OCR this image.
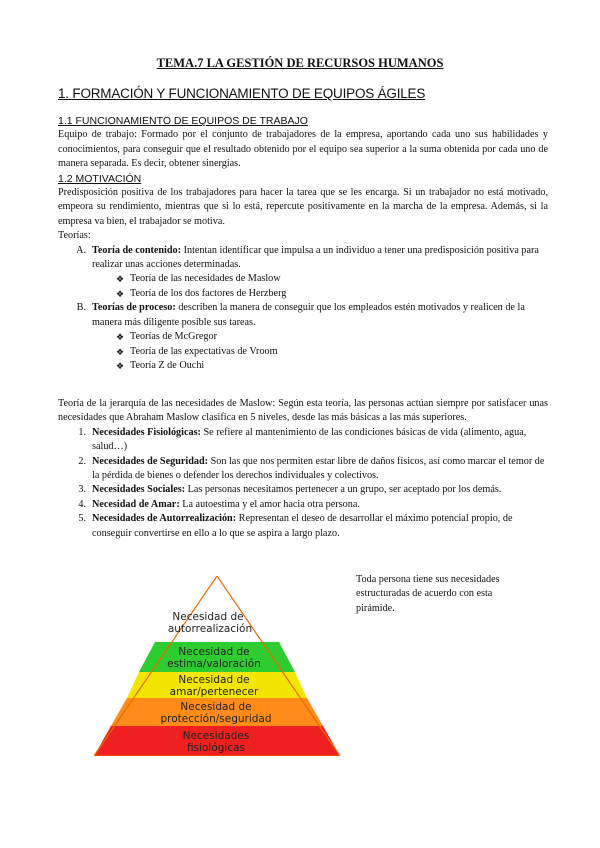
TEMA.7 LA GESTIÓN DE RECURSOS HUMANOS
1. FORMACIÓN Y FUNCIONAMIENTO DE EQUIPOS ÁGILES
1.1 FUNCIONAMIENTO DE EQUIPOS DE TRABAJO
Equipo de trabajo: Formado por el conjunto de trabajadores de la empresa, aportando cada uno sus habilidades y conocimientos, para conseguir que el resultado obtenido por el equipo sea superior a la suma obtenida por cada uno de manera separada. Es decir, obtener sinergias.
1.2 MOTIVACIÓN
Predisposición positiva de los trabajadores para hacer la tarea que se les encarga. Si un trabajador no está motivado, empeora su rendimiento, mientras que si lo está, repercute positivamente en la marcha de la empresa. Además, si la empresa va bien, el trabajador se motiva.
Teorías:
A. Teoría de contenido: Intentan identificar que impulsa a un individuo a tener una predisposición positiva para realizar unas acciones determinadas.
❖ Teoría de las necesidades de Maslow
❖ Teoría de los dos factores de Herzberg
B. Teorías de proceso: describen la manera de conseguir que los empleados estén motivados y realicen de la manera más diligente posible sus tareas.
❖ Teorías de McGregor
❖ Teoría de las expectativas de Vroom
❖ Teoría Z de Ouchi
Teoría de la jerarquía de las necesidades de Maslow: Según esta teoría, las personas actúan siempre por satisfacer unas necesidades que Abraham Maslow clasifica en 5 niveles, desde las más básicas a las más superiores.
1. Necesidades Fisiológicas: Se refiere al mantenimiento de las condiciones básicas de vida (alimento, agua, salud…)
2. Necesidades de Seguridad: Son las que nos permiten estar libre de daños físicos, así como marcar el temor de la pérdida de bienes o defender los derechos individuales y colectivos.
3. Necesidades Sociales: Las personas necesitamos pertenecer a un grupo, ser aceptado por los demás.
4. Necesidad de Amar: La autoestima y el amor hacia otra persona.
5. Necesidades de Autorrealización: Representan el deseo de desarrollar el máximo potencial propio, de conseguir convertirse en ello a lo que se aspira a largo plazo.
Necesidad de
autorrealización
Necesidad de
estima/valoración
Necesidad de
amar/pertenecer
Necesidad de
protección/seguridad
Necesidades
fisiológicas
Toda persona tiene sus necesidades estructuradas de acuerdo con esta pirámide.
